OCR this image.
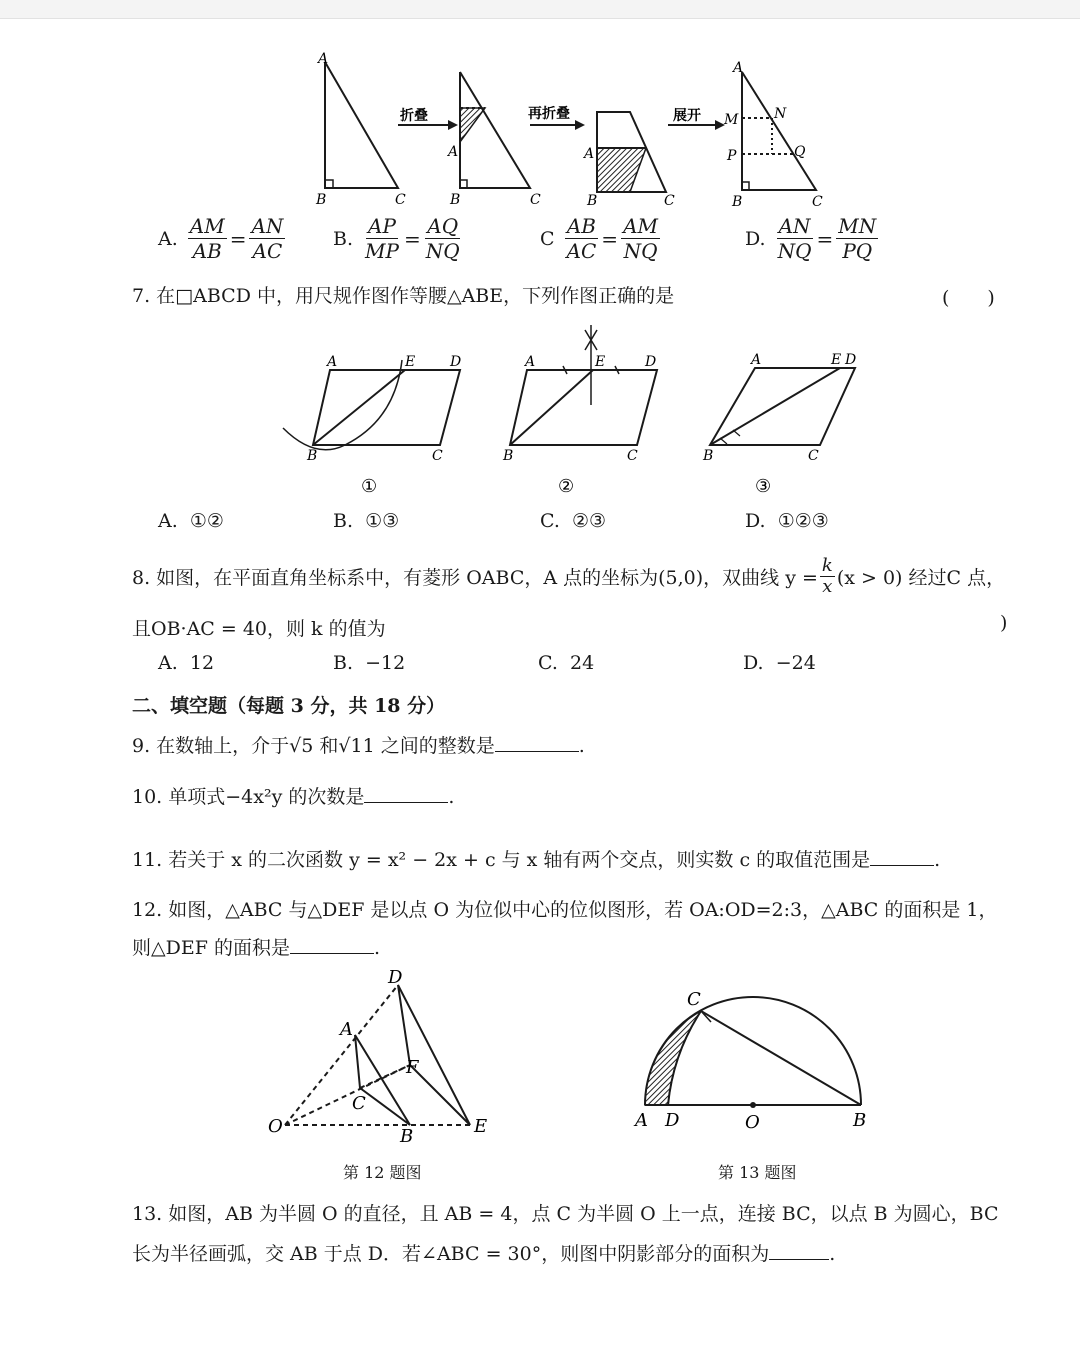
A
B	C
折叠
A
B	C
再折叠
A
B	C
展开
A
M	N
P	Q
B	C
A. $\frac{AM}{AB} = \frac{AN}{AC}$	B. $\frac{AP}{MP} = \frac{AQ}{NQ}$	C $\frac{AB}{AC} = \frac{AM}{NQ}$	D. $\frac{AN}{NQ} = \frac{MN}{PQ}$
7. 在□ABCD 中，用尺规作图作等腰△ABE，下列作图正确的是	(　　)
A	E D
B	C
①
A	E	D
B	C
②
A	E D
B	C
③
A. ①②	B. ①③	C. ②③	D. ①②③
8. 如图，在平面直角坐标系中，有菱形 OABC，A 点的坐标为(5,0)，双曲线 $y = \frac{k}{x} (x > 0)$ 经过C 点，
且OB·AC = 40，则 k 的值为	)
A. 12	B. −12	C. 24	D. −24
二、填空题（每题 3 分，共 18 分）
9. 在数轴上，介于√5 和√11 之间的整数是	.
10. 单项式−4x²y 的次数是	.
11. 若关于 x 的二次函数 y = x² − 2x + c 与 x 轴有两个交点，则实数 c 的取值范围是	.
12. 如图，△ABC 与△DEF 是以点 O 为位似中心的位似图形，若 OA:OD=2:3，△ABC 的面积是 1，
则△DEF 的面积是	.
D
A
F
C
O	B	E
第 12 题图
C
A D	O	B
第 13 题图
13. 如图，AB 为半圆 O 的直径，且 AB = 4，点 C 为半圆 O 上一点，连接 BC，以点 B 为圆心，BC
长为半径画弧，交 AB 于点 D．若∠ABC = 30°，则图中阴影部分的面积为	.
